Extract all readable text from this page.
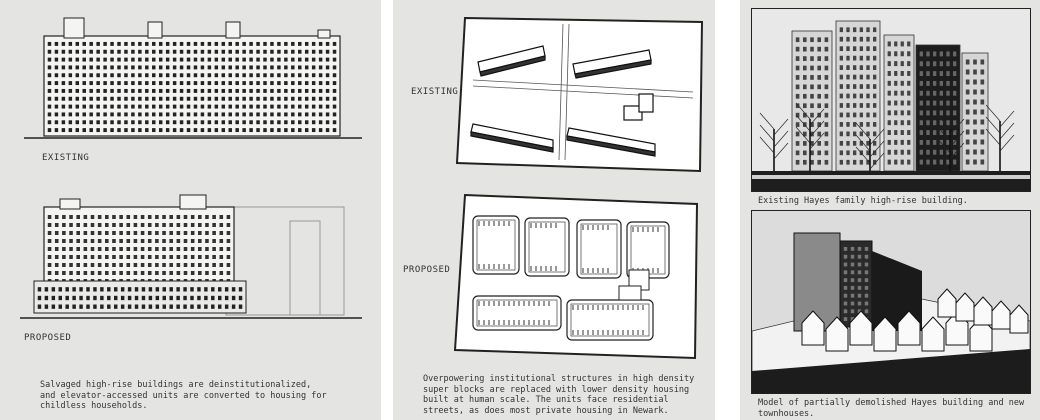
EXISTING
PROPOSED
Salvaged high-rise buildings are deinstitutionalized,
and elevator-accessed units are converted to housing for
childless households.
EXISTING
PROPOSED
Overpowering institutional structures in high density
super blocks are replaced with lower density housing
built at human scale. The units face residential
streets, as does most private housing in Newark.
Existing Hayes family high-rise building.
Model of partially demolished Hayes building and new
townhouses.
